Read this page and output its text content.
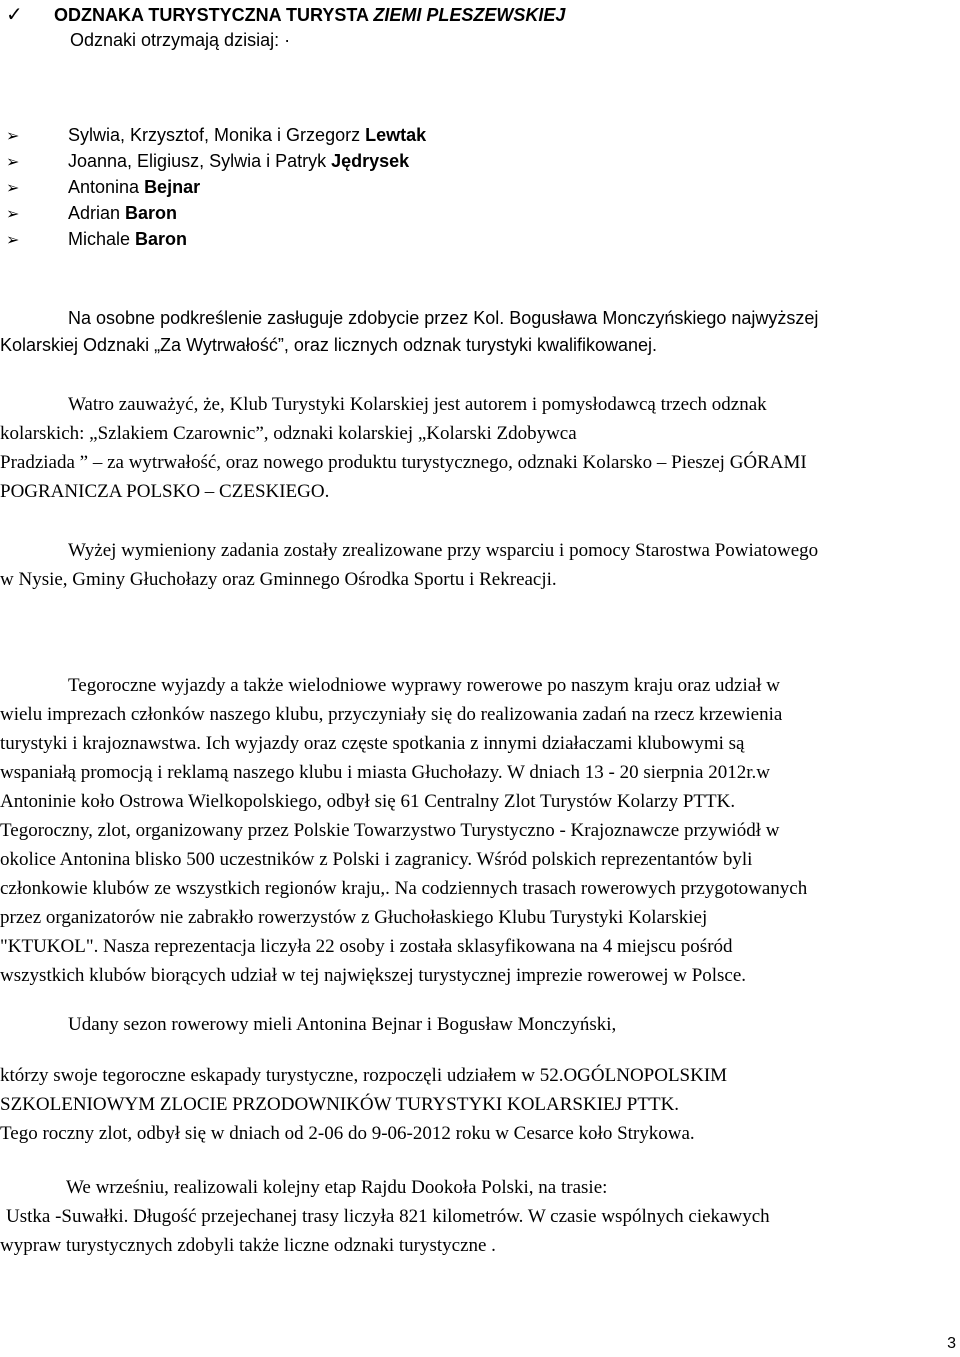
✓ ODZNAKA TURYSTYCZNA TURYSTA ZIEMI PLESZEWSKIEJ
Odznaki otrzymają dzisiaj: ·
➢	Sylwia, Krzysztof, Monika i Grzegorz Lewtak
➢	Joanna, Eligiusz, Sylwia i Patryk Jędrysek
➢	Antonina Bejnar
➢	Adrian Baron
➢	Michale Baron
Na osobne podkreślenie zasługuje zdobycie przez Kol. Bogusława Monczyńskiego najwyższej
Kolarskiej Odznaki „Za Wytrwałość”, oraz licznych odznak turystyki kwalifikowanej.
Watro zauważyć, że, Klub Turystyki Kolarskiej jest autorem i pomysłodawcą trzech odznak
kolarskich: „Szlakiem Czarownic”, odznaki kolarskiej „Kolarski Zdobywca
Pradziada ” – za wytrwałość, oraz nowego produktu turystycznego, odznaki Kolarsko – Pieszej GÓRAMI
POGRANICZA POLSKO – CZESKIEGO.
Wyżej wymieniony zadania zostały zrealizowane przy wsparciu i pomocy Starostwa Powiatowego
w Nysie, Gminy Głuchołazy oraz Gminnego Ośrodka Sportu i Rekreacji.
Tegoroczne wyjazdy a także wielodniowe wyprawy rowerowe po naszym kraju oraz udział w
wielu imprezach członków naszego klubu, przyczyniały się do realizowania zadań na rzecz krzewienia
turystyki i krajoznawstwa. Ich wyjazdy oraz częste spotkania z innymi działaczami klubowymi są
wspaniałą promocją i reklamą naszego klubu i miasta Głuchołazy. W dniach 13 - 20 sierpnia 2012r.w
Antoninie koło Ostrowa Wielkopolskiego, odbył się 61 Centralny Zlot Turystów Kolarzy PTTK.
Tegoroczny, zlot, organizowany przez Polskie Towarzystwo Turystyczno - Krajoznawcze przywiódł w
okolice Antonina blisko 500 uczestników z Polski i zagranicy. Wśród polskich reprezentantów byli
członkowie klubów ze wszystkich regionów kraju,. Na codziennych trasach rowerowych przygotowanych
przez organizatorów nie zabrakło rowerzystów z Głuchołaskiego Klubu Turystyki Kolarskiej
"KTUKOL". Nasza reprezentacja liczyła 22 osoby i została sklasyfikowana na 4 miejscu pośród
wszystkich klubów biorących udział w tej największej turystycznej imprezie rowerowej w Polsce.
Udany sezon rowerowy mieli Antonina Bejnar i Bogusław Monczyński,
którzy swoje tegoroczne eskapady turystyczne, rozpoczęli udziałem w 52.OGÓLNOPOLSKIM
SZKOLENIOWYM ZLOCIE PRZODOWNIKÓW TURYSTYKI KOLARSKIEJ PTTK.
Tego roczny zlot, odbył się w dniach od 2-06 do 9-06-2012 roku w Cesarce koło Strykowa.
We wrześniu, realizowali kolejny etap Rajdu Dookoła Polski, na trasie:
Ustka -Suwałki. Długość przejechanej trasy liczyła 821 kilometrów. W czasie wspólnych ciekawych
wypraw turystycznych zdobyli także liczne odznaki turystyczne .
3
